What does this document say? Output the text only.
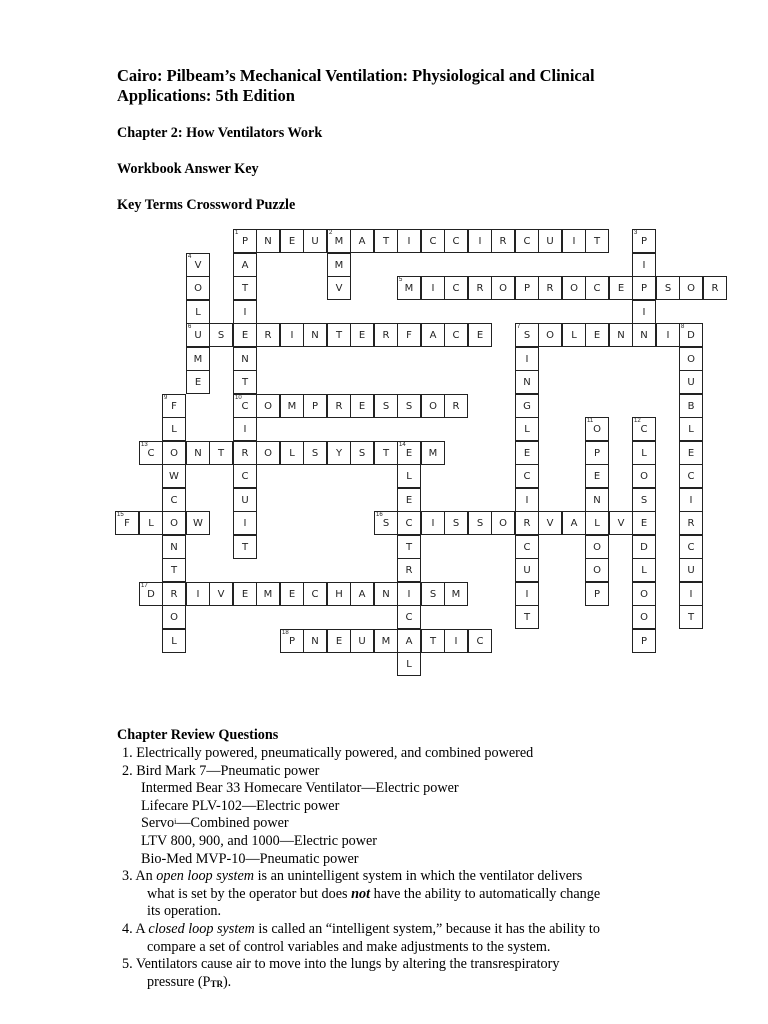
Cairo: Pilbeam’s Mechanical Ventilation: Physiological and Clinical
Applications: 5th Edition
Chapter 2: How Ventilators Work
Workbook Answer Key
Key Terms Crossword Puzzle
1
P N E U
2
M A T I C C I R C U I T
A
T
I
E
N
T
10
C
I
R
C
U
I
T
M
V
3
P
I
P
I
N
4
V
O
L
6
U
M
E
5
M I C R O P R O C E	S O R
S	R I N T E R F A C E
7
S O L E N	I
8
D
I
N
G
L
E
C
I
R
C
U
I
T
O
U
B
L
E
C
I
R
C
U
I
T
9
F
L
O
W
C
O
N
T
R
O
L
O M P R E S S O R
11
O
P
E
N
L
O
O
P
12
C
L
O
S
E
D
L
O
O
P
13
C	N T	O L S Y S T
14
E M
L
E
C
T
R
I
C
A
L
15
F L	W
16
S	I S S O	V A	V
17
D	I V E M E C H A N	S M
18
P N E U M	T I C
Chapter Review Questions
1. Electrically powered, pneumatically powered, and combined powered
2. Bird Mark 7—Pneumatic power
Intermed Bear 33 Homecare Ventilator—Electric power
Lifecare PLV-102—Electric power
Servo$^i$—Combined power
LTV 800, 900, and 1000—Electric power
Bio-Med MVP-10—Pneumatic power
3. An open loop system is an unintelligent system in which the ventilator delivers
what is set by the operator but does not have the ability to automatically change
its operation.
4. A closed loop system is called an “intelligent system,” because it has the ability to
compare a set of control variables and make adjustments to the system.
5. Ventilators cause air to move into the lungs by altering the transrespiratory
pressure (PTR).
